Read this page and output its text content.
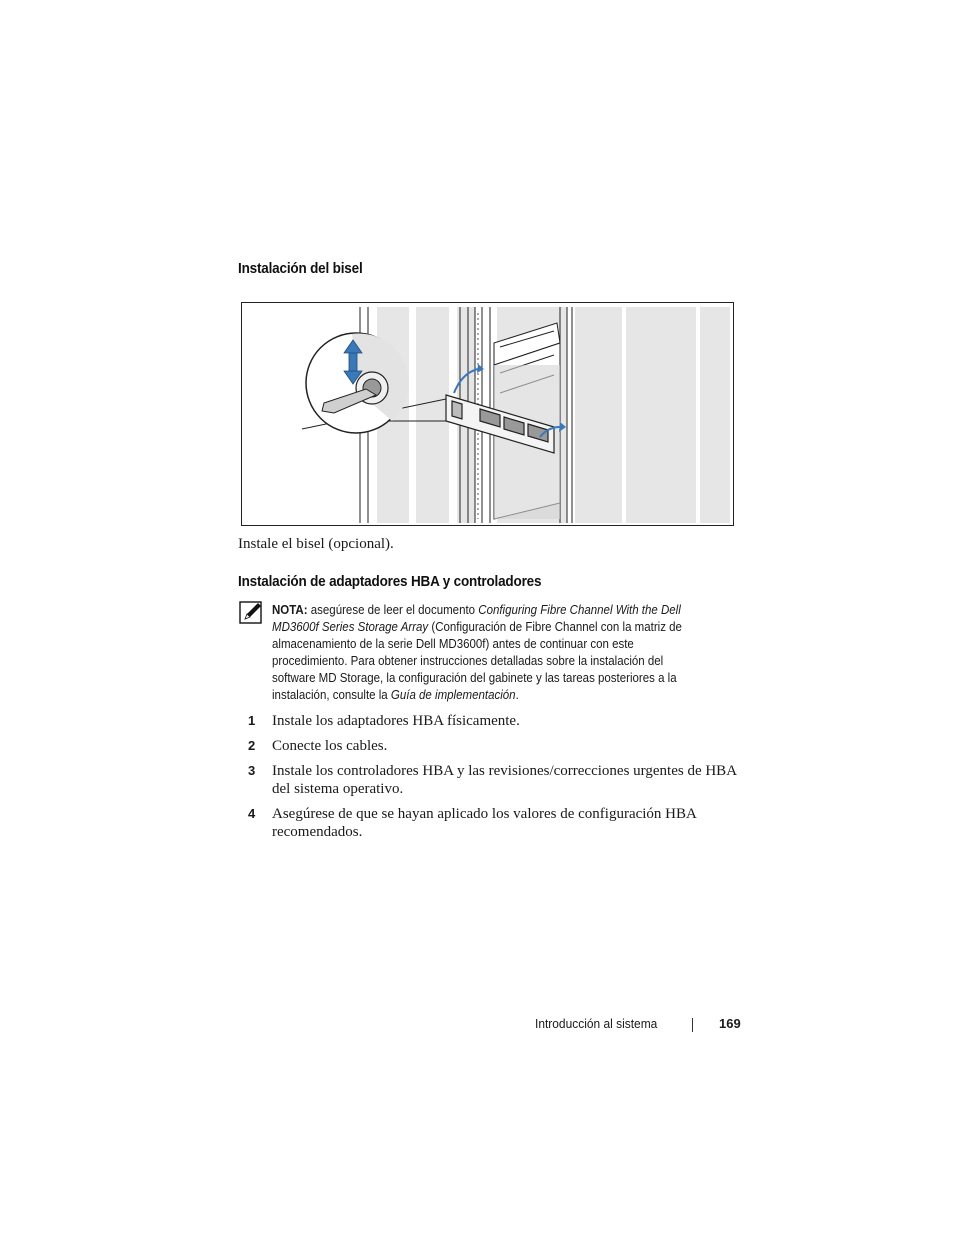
Instalación del bisel
Instale el bisel (opcional).
Instalación de adaptadores HBA y controladores
NOTA: asegúrese de leer el documento Configuring Fibre Channel With the Dell MD3600f Series Storage Array (Configuración de Fibre Channel con la matriz de almacenamiento de la serie Dell MD3600f) antes de continuar con este procedimiento. Para obtener instrucciones detalladas sobre la instalación del software MD Storage, la configuración del gabinete y las tareas posteriores a la instalación, consulte la Guía de implementación.
1 Instale los adaptadores HBA físicamente.
2 Conecte los cables.
3 Instale los controladores HBA y las revisiones/correcciones urgentes de HBA del sistema operativo.
4 Asegúrese de que se hayan aplicado los valores de configuración HBA recomendados.
Introducción al sistema	169
